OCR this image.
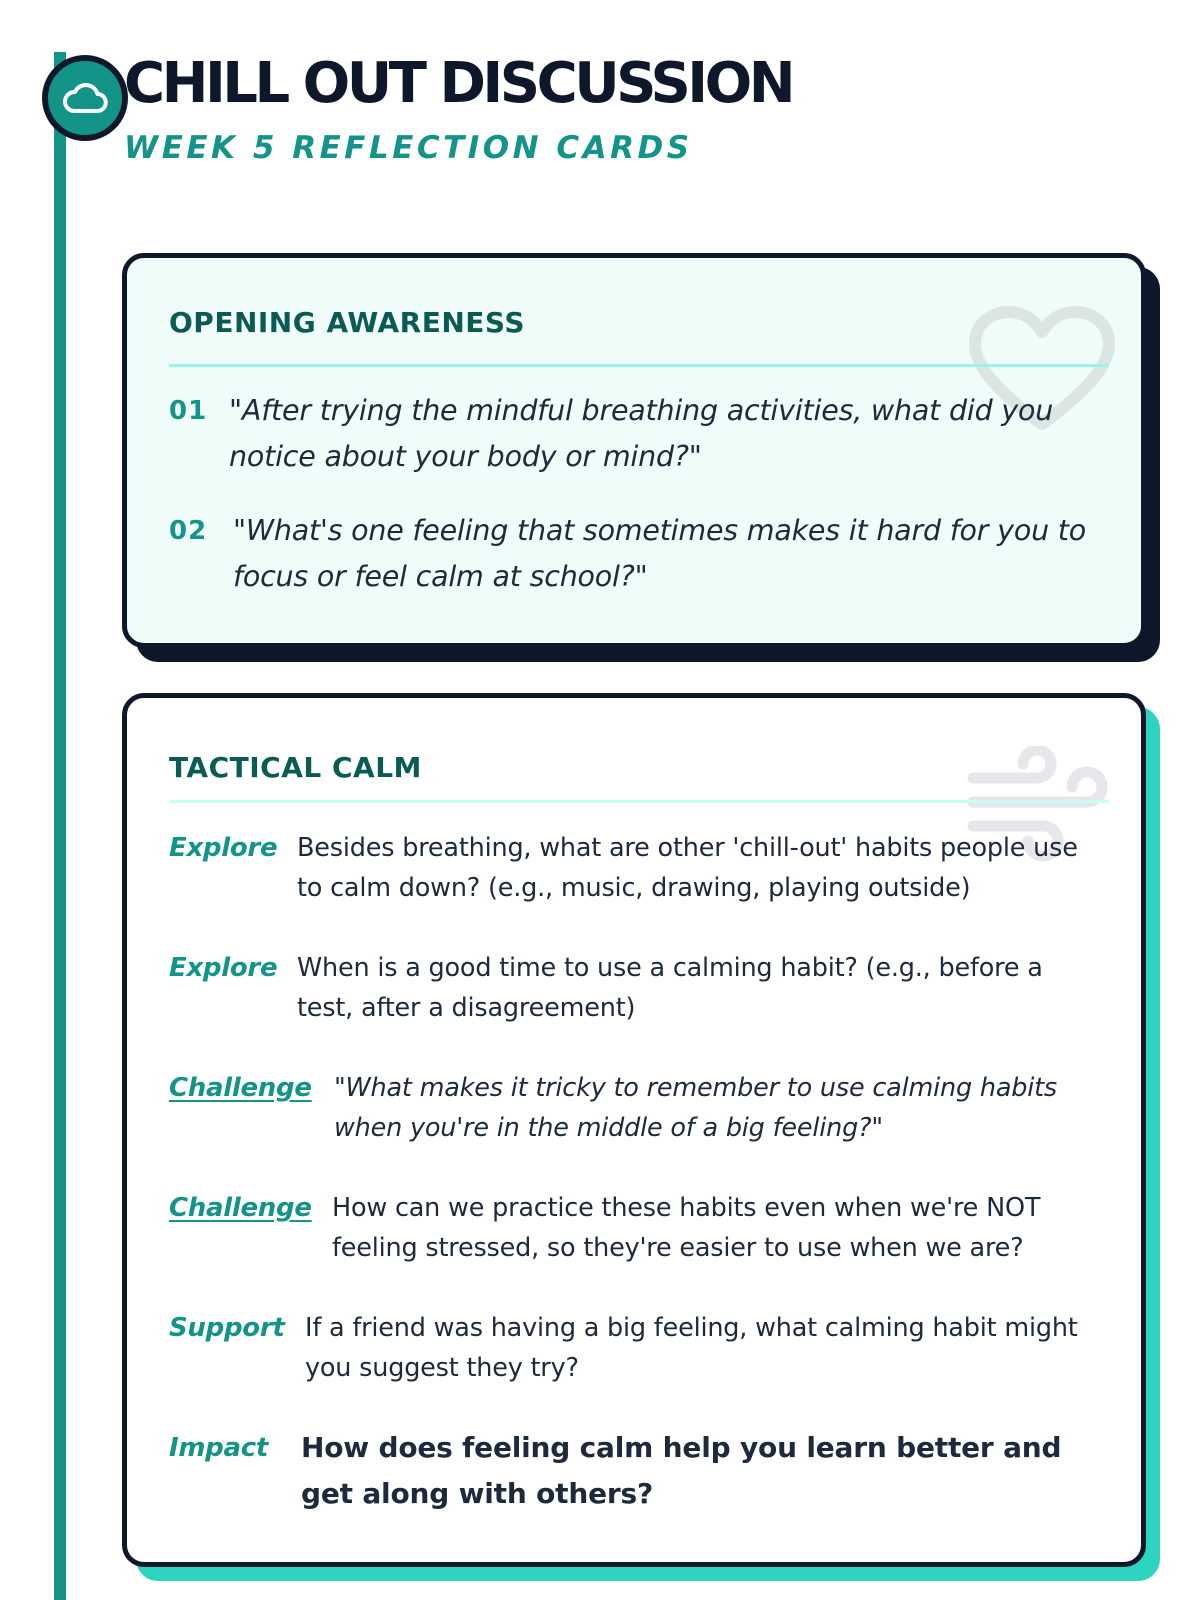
CHILL OUT DISCUSSION
WEEK 5 REFLECTION CARDS
OPENING AWARENESS
01 "After trying the mindful breathing activities, what did you notice about your body or mind?"
02 "What's one feeling that sometimes makes it hard for you to focus or feel calm at school?"
TACTICAL CALM
Explore Besides breathing, what are other 'chill-out' habits people use to calm down? (e.g., music, drawing, playing outside)
Explore When is a good time to use a calming habit? (e.g., before a test, after a disagreement)
Challenge "What makes it tricky to remember to use calming habits when you're in the middle of a big feeling?"
Challenge How can we practice these habits even when we're NOT feeling stressed, so they're easier to use when we are?
Support If a friend was having a big feeling, what calming habit might you suggest they try?
Impact	How does feeling calm help you learn better and get along with others?
